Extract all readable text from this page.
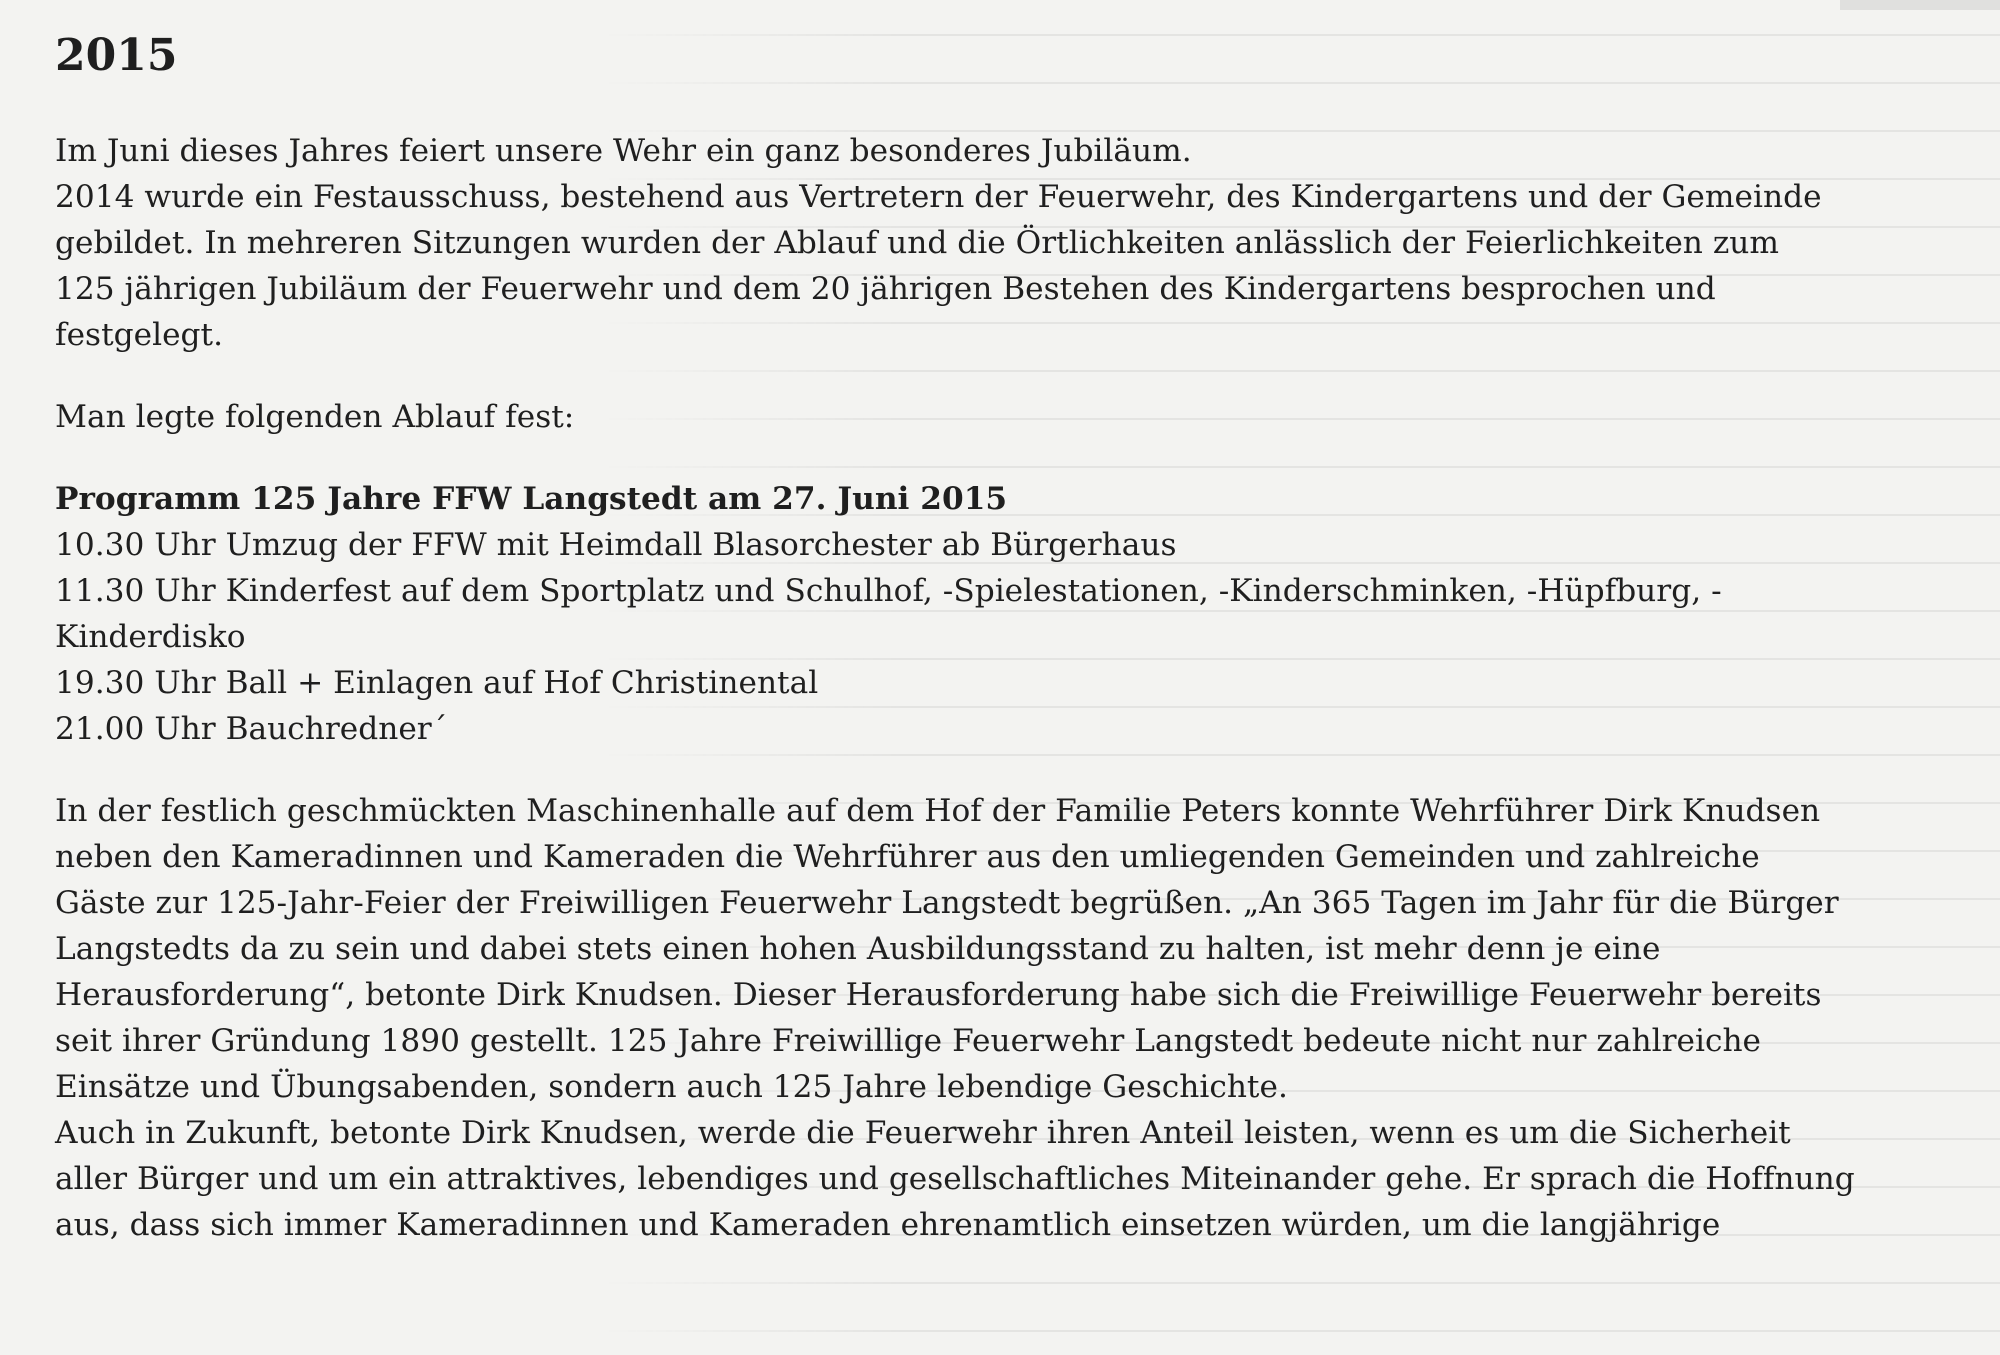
2015

Im Juni dieses Jahres feiert unsere Wehr ein ganz besonderes Jubiläum.

2014 wurde ein Festausschuss, bestehend aus Vertretern der Feuerwehr, des Kindergartens und der Gemeinde

gebildet. In mehreren Sitzungen wurden der Ablauf und die Örtlichkeiten anlässlich der Feierlichkeiten zum

125 jährigen Jubiläum der Feuerwehr und dem 20 jährigen Bestehen des Kindergartens besprochen und

festgelegt.

Man legte folgenden Ablauf fest:

Programm 125 Jahre FFW Langstedt am 27. Juni 2015

10.30 Uhr Umzug der FFW mit Heimdall Blasorchester ab Bürgerhaus
11.30 Uhr Kinderfest auf dem Sportplatz und Schulhof, -Spielestationen, -Kinderschminken, -Hüpfburg, -
Kinderdisko
19.30 Uhr Ball + Einlagen auf Hof Christinental
21.00 Uhr Bauchredner´

In der festlich geschmückten Maschinenhalle auf dem Hof der Familie Peters konnte Wehrführer Dirk Knudsen

neben den Kameradinnen und Kameraden die Wehrführer aus den umliegenden Gemeinden und zahlreiche

Gäste zur 125-Jahr-Feier der Freiwilligen Feuerwehr Langstedt begrüßen. „An 365 Tagen im Jahr für die Bürger

Langstedts da zu sein und dabei stets einen hohen Ausbildungsstand zu halten, ist mehr denn je eine

Herausforderung“, betonte Dirk Knudsen. Dieser Herausforderung habe sich die Freiwillige Feuerwehr bereits

seit ihrer Gründung 1890 gestellt. 125 Jahre Freiwillige Feuerwehr Langstedt bedeute nicht nur zahlreiche

Einsätze und Übungsabenden, sondern auch 125 Jahre lebendige Geschichte.

Auch in Zukunft, betonte Dirk Knudsen, werde die Feuerwehr ihren Anteil leisten, wenn es um die Sicherheit

aller Bürger und um ein attraktives, lebendiges und gesellschaftliches Miteinander gehe. Er sprach die Hoffnung

aus, dass sich immer Kameradinnen und Kameraden ehrenamtlich einsetzen würden, um die langjährige
